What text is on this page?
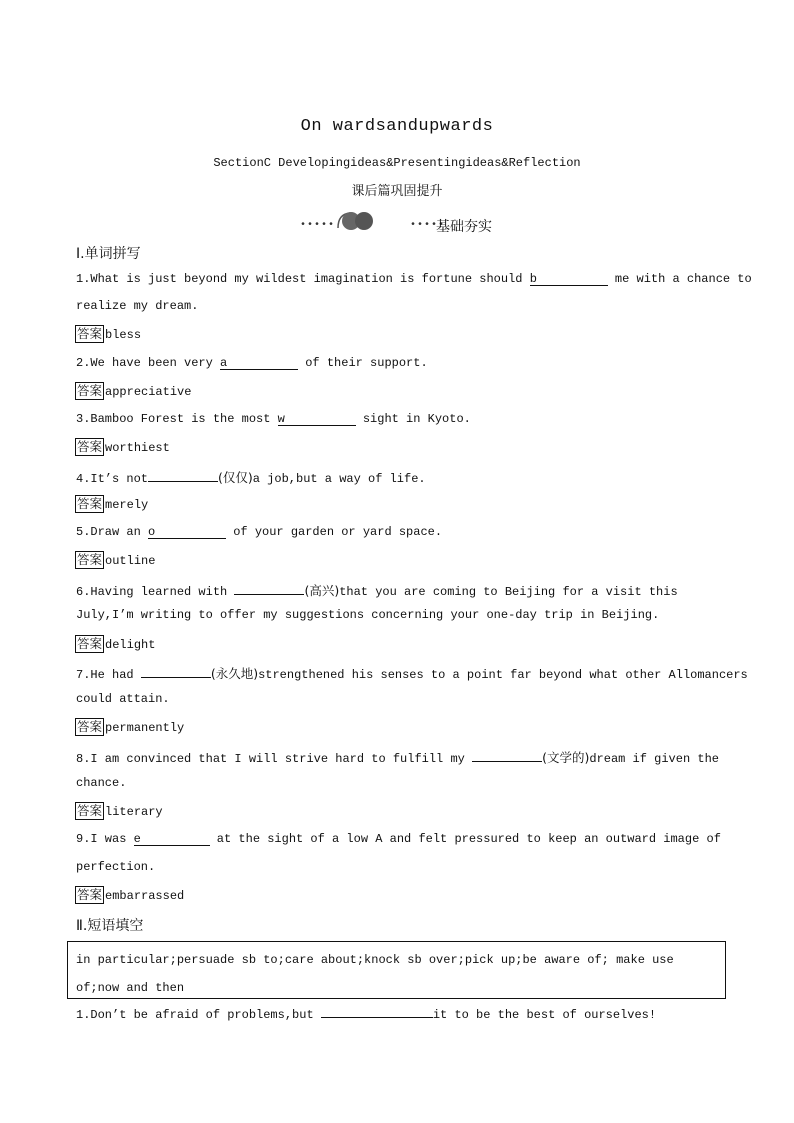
On wardsandupwards
SectionC Developingideas&Presentingideas&Reflection
课后篇巩固提升
•••••	•••••
基础夯实
Ⅰ.单词拼写
1.What is just beyond my wildest imagination is fortune should b	me with a chance to
realize my dream.
答案 bless
2.We have been very a	of their support.
答案 appreciative
3.Bamboo Forest is the most w	sight in Kyoto.
答案 worthiest
4.It’s not	(仅仅)a job,but a way of life.
答案 merely
5.Draw an o	of your garden or yard space.
答案 outline
6.Having learned with	(高兴)that you are coming to Beijing for a visit this
July,I’m writing to offer my suggestions concerning your one-day trip in Beijing.
答案 delight
7.He had	(永久地)strengthened his senses to a point far beyond what other Allomancers
could attain.
答案 permanently
8.I am convinced that I will strive hard to fulfill my	(文学的)dream if given the
chance.
答案 literary
9.I was e	at the sight of a low A and felt pressured to keep an outward image of
perfection.
答案 embarrassed
Ⅱ.短语填空
in particular;persuade sb to;care about;knock sb over;pick up;be aware of; make use of;now and then
1.Don’t be afraid of problems,but	it to be the best of ourselves!
